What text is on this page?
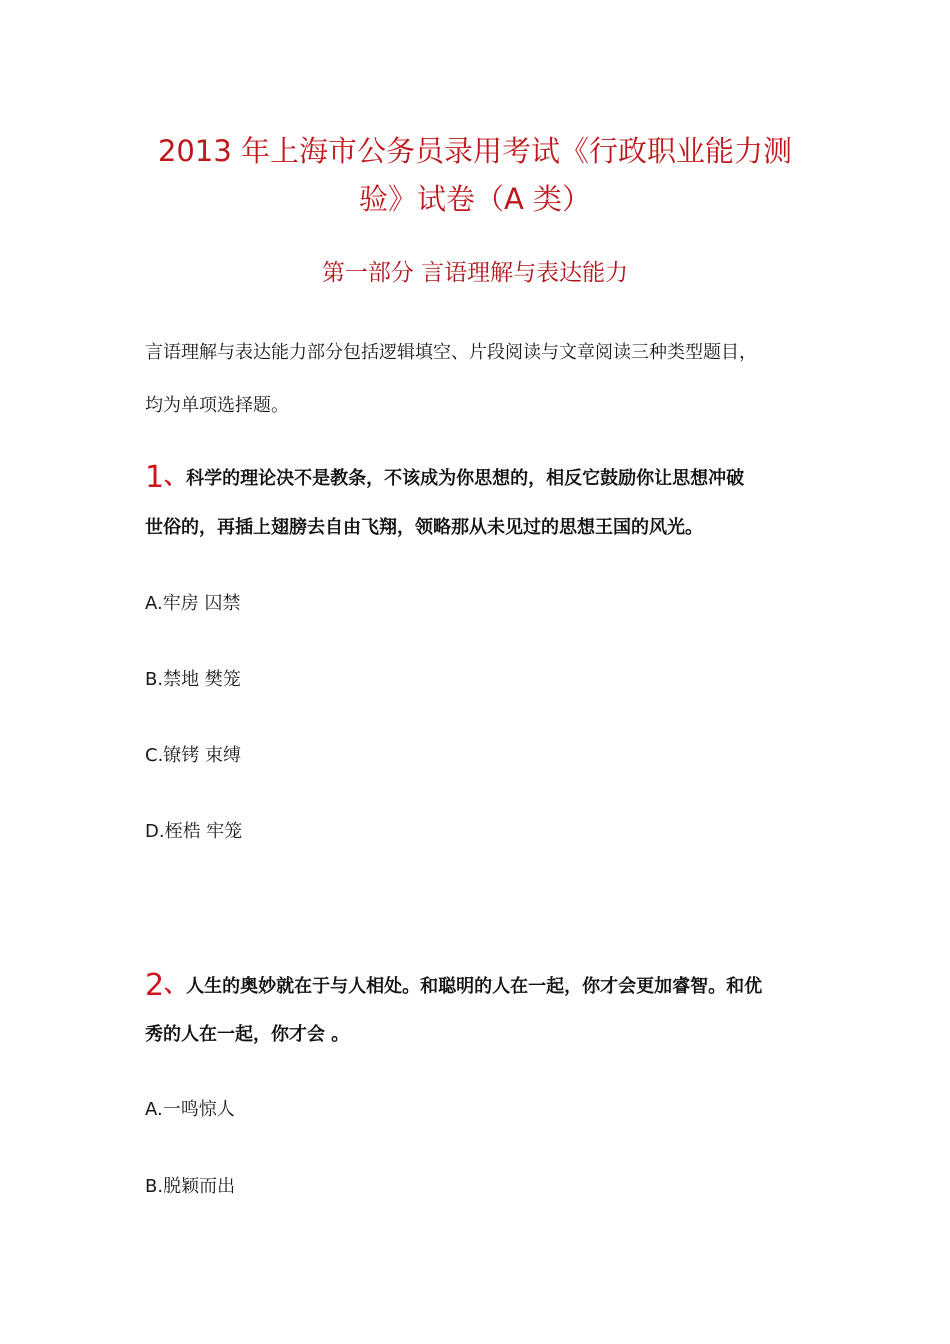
2013 年上海市公务员录用考试《行政职业能力测
验》试卷（A 类）
第一部分 言语理解与表达能力

言语理解与表达能力部分包括逻辑填空、片段阅读与文章阅读三种类型题目，

均为单项选择题。

1、科学的理论决不是教条，不该成为你思想的，相反它鼓励你让思想冲破
世俗的，再插上翅膀去自由飞翔，领略那从未见过的思想王国的风光。
A.牢房 囚禁
B.禁地 樊笼
C.镣铐 束缚
D.桎梏 牢笼
2、人生的奥妙就在于与人相处。和聪明的人在一起，你才会更加睿智。和优
秀的人在一起，你才会 。
A.一鸣惊人
B.脱颖而出
